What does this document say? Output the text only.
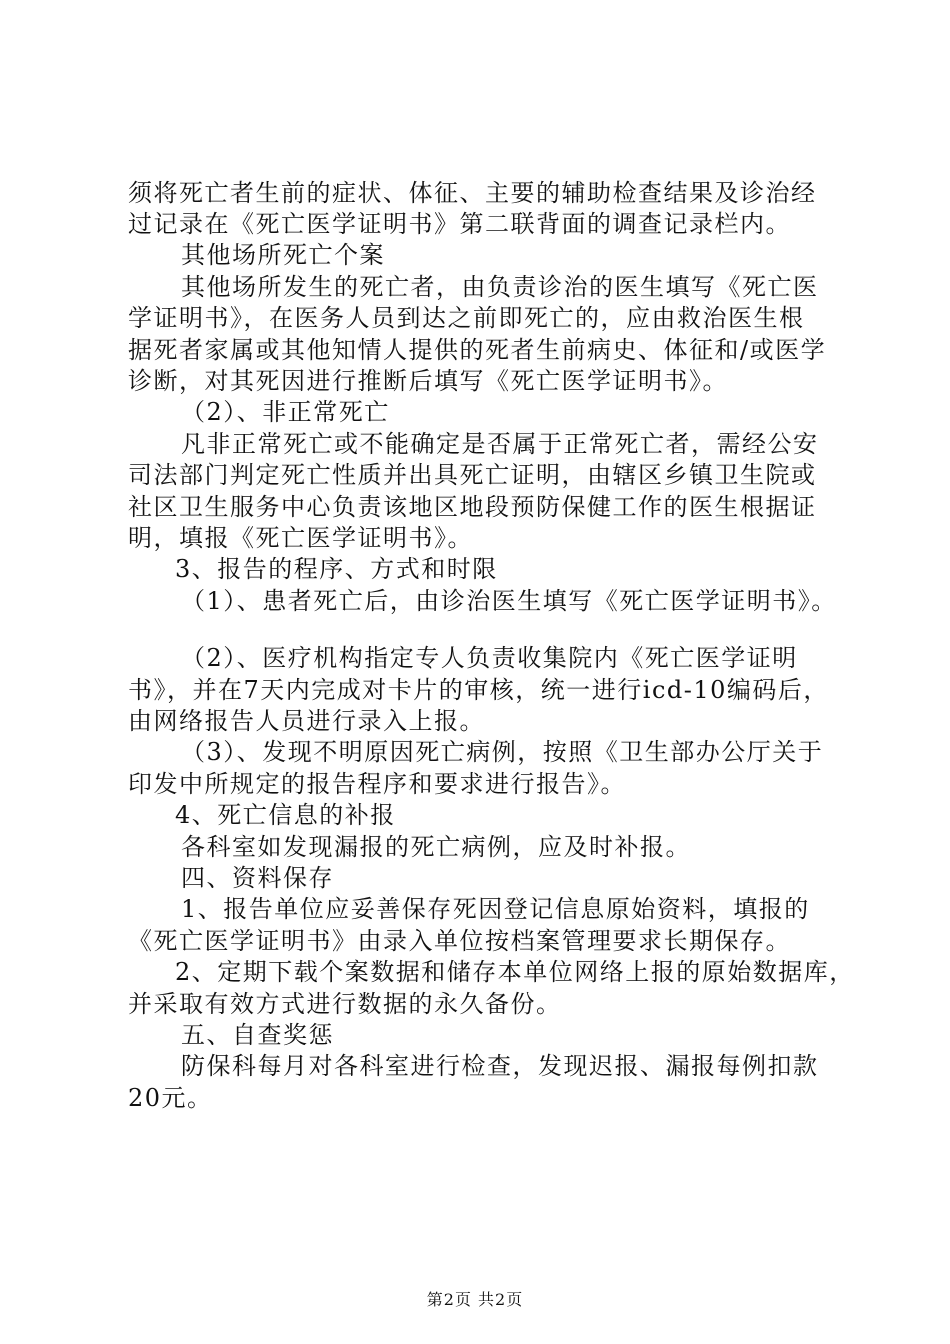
须将死亡者生前的症状、体征、主要的辅助检查结果及诊治经
过记录在《死亡医学证明书》第二联背面的调查记录栏内。
其他场所死亡个案
其他场所发生的死亡者，由负责诊治的医生填写《死亡医
学证明书》，在医务人员到达之前即死亡的，应由救治医生根
据死者家属或其他知情人提供的死者生前病史、体征和/或医学
诊断，对其死因进行推断后填写《死亡医学证明书》。
（2）、非正常死亡
凡非正常死亡或不能确定是否属于正常死亡者，需经公安
司法部门判定死亡性质并出具死亡证明，由辖区乡镇卫生院或
社区卫生服务中心负责该地区地段预防保健工作的医生根据证
明，填报《死亡医学证明书》。
3、报告的程序、方式和时限
（1）、患者死亡后，由诊治医生填写《死亡医学证明书》。
（2）、医疗机构指定专人负责收集院内《死亡医学证明
书》，并在7天内完成对卡片的审核，统一进行icd-10编码后，
由网络报告人员进行录入上报。
（3）、发现不明原因死亡病例，按照《卫生部办公厅关于
印发中所规定的报告程序和要求进行报告》。
4、死亡信息的补报
各科室如发现漏报的死亡病例，应及时补报。
四、资料保存
1、报告单位应妥善保存死因登记信息原始资料，填报的
《死亡医学证明书》由录入单位按档案管理要求长期保存。
2、定期下载个案数据和储存本单位网络上报的原始数据库，
并采取有效方式进行数据的永久备份。
五、自查奖惩
防保科每月对各科室进行检查，发现迟报、漏报每例扣款
20元。
第2页 共2页
